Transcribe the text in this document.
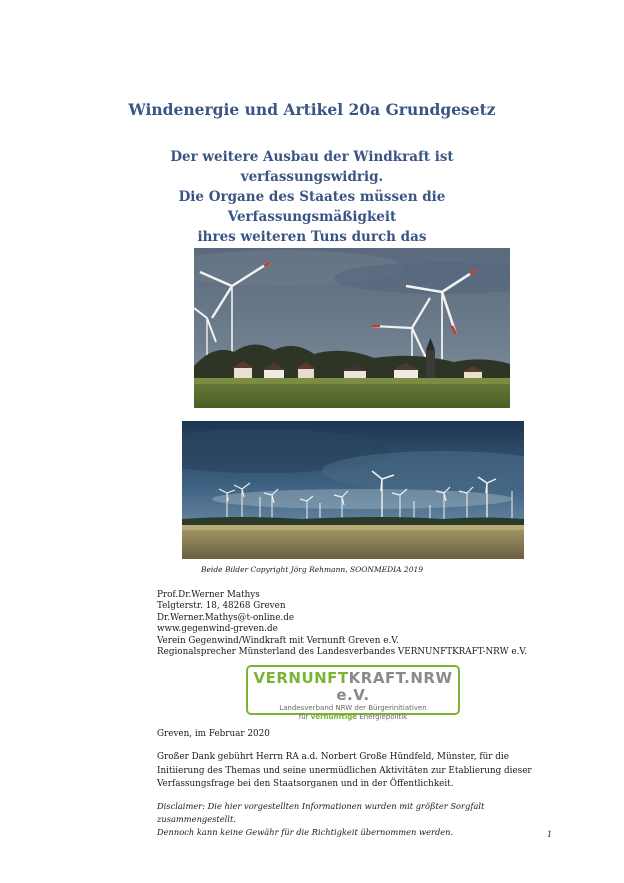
Windenergie und Artikel 20a Grundgesetz
Der weitere Ausbau der Windkraft ist verfassungswidrig.
Die Organe des Staates müssen die Verfassungsmäßigkeit
ihres weiteren Tuns durch das
Beide Bilder Copyright Jörg Rehmann, SOONMEDIA 2019
Prof.Dr.Werner Mathys
Telgterstr. 18, 48268 Greven
Dr.Werner.Mathys@t-online.de
www.gegenwind-greven.de
Verein Gegenwind/Windkraft mit Vernunft Greven e.V.
Regionalsprecher Münsterland des Landesverbandes VERNUNFTKRAFT-NRW e.V.
VERNUNFTKRAFT.NRW e.V.
Landesverband NRW der Bürgerinitiativen
für vernünftige Energiepolitik
Greven, im Februar 2020
Großer Dank gebührt Herrn RA a.d. Norbert Große Hündfeld, Münster, für die Initiierung des Themas und seine unermüdlichen Aktivitäten zur Etablierung dieser Verfassungsfrage bei den Staatsorganen und in der Öffentlichkeit.
Disclaimer: Die hier vorgestellten Informationen wurden mit größter Sorgfalt zusammengestellt.
Dennoch kann keine Gewähr für die Richtigkeit übernommen werden.	1
